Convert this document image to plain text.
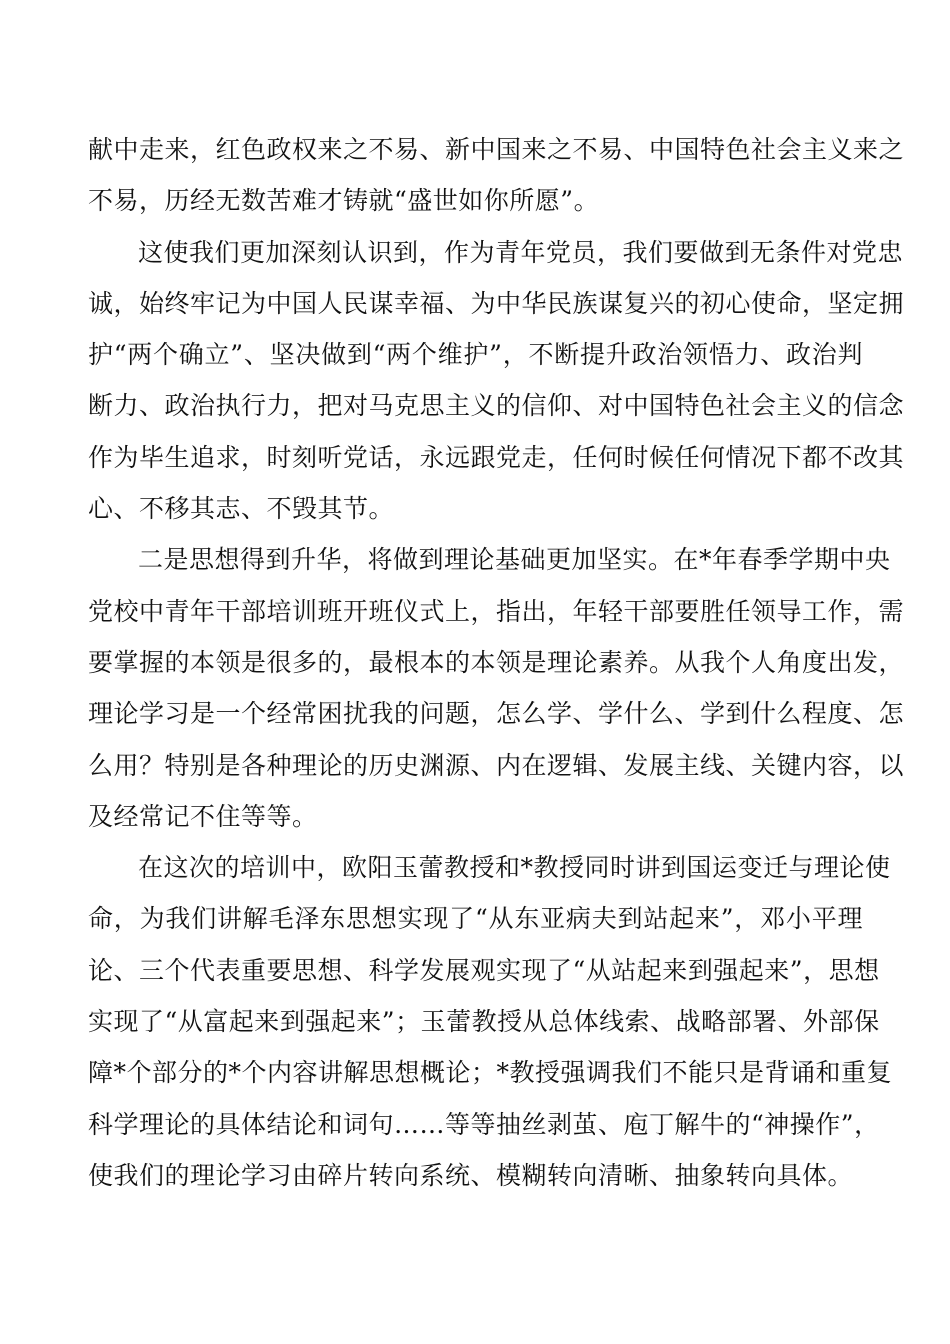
献中走来，红色政权来之不易、新中国来之不易、中国特色社会主义来之
不易，历经无数苦难才铸就“盛世如你所愿”。
这使我们更加深刻认识到，作为青年党员，我们要做到无条件对党忠
诚，始终牢记为中国人民谋幸福、为中华民族谋复兴的初心使命，坚定拥
护“两个确立”、坚决做到“两个维护”，不断提升政治领悟力、政治判
断力、政治执行力，把对马克思主义的信仰、对中国特色社会主义的信念
作为毕生追求，时刻听党话，永远跟党走，任何时候任何情况下都不改其
心、不移其志、不毁其节。
二是思想得到升华，将做到理论基础更加坚实。在*年春季学期中央
党校中青年干部培训班开班仪式上，指出，年轻干部要胜任领导工作，需
要掌握的本领是很多的，最根本的本领是理论素养。从我个人角度出发，
理论学习是一个经常困扰我的问题，怎么学、学什么、学到什么程度、怎
么用？特别是各种理论的历史渊源、内在逻辑、发展主线、关键内容，以
及经常记不住等等。
在这次的培训中，欧阳玉蕾教授和*教授同时讲到国运变迁与理论使
命，为我们讲解毛泽东思想实现了“从东亚病夫到站起来”，邓小平理
论、三个代表重要思想、科学发展观实现了“从站起来到强起来”，思想
实现了“从富起来到强起来”；玉蕾教授从总体线索、战略部署、外部保
障*个部分的*个内容讲解思想概论；*教授强调我们不能只是背诵和重复
科学理论的具体结论和词句……等等抽丝剥茧、庖丁解牛的“神操作”，
使我们的理论学习由碎片转向系统、模糊转向清晰、抽象转向具体。
